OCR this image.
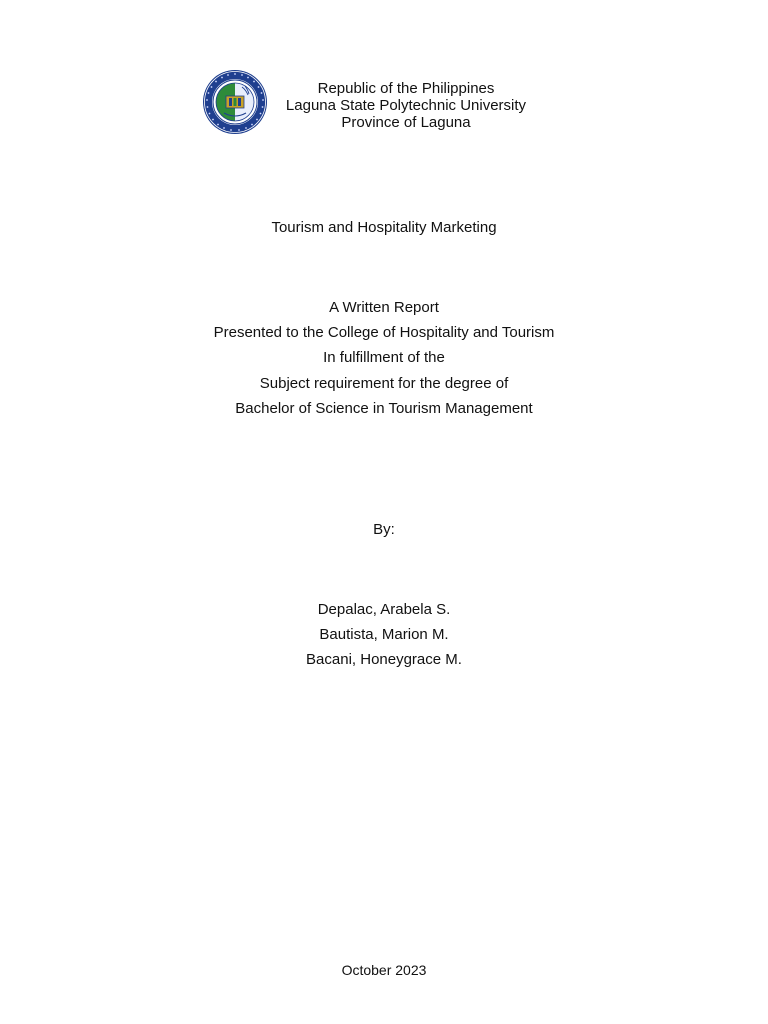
Republic of the Philippines
Laguna State Polytechnic University
Province of Laguna
Tourism and Hospitality Marketing
A Written Report
Presented to the College of Hospitality and Tourism
In fulfillment of the
Subject requirement for the degree of
Bachelor of Science in Tourism Management
By:
Depalac, Arabela S.
Bautista, Marion M.
Bacani, Honeygrace M.
October 2023
